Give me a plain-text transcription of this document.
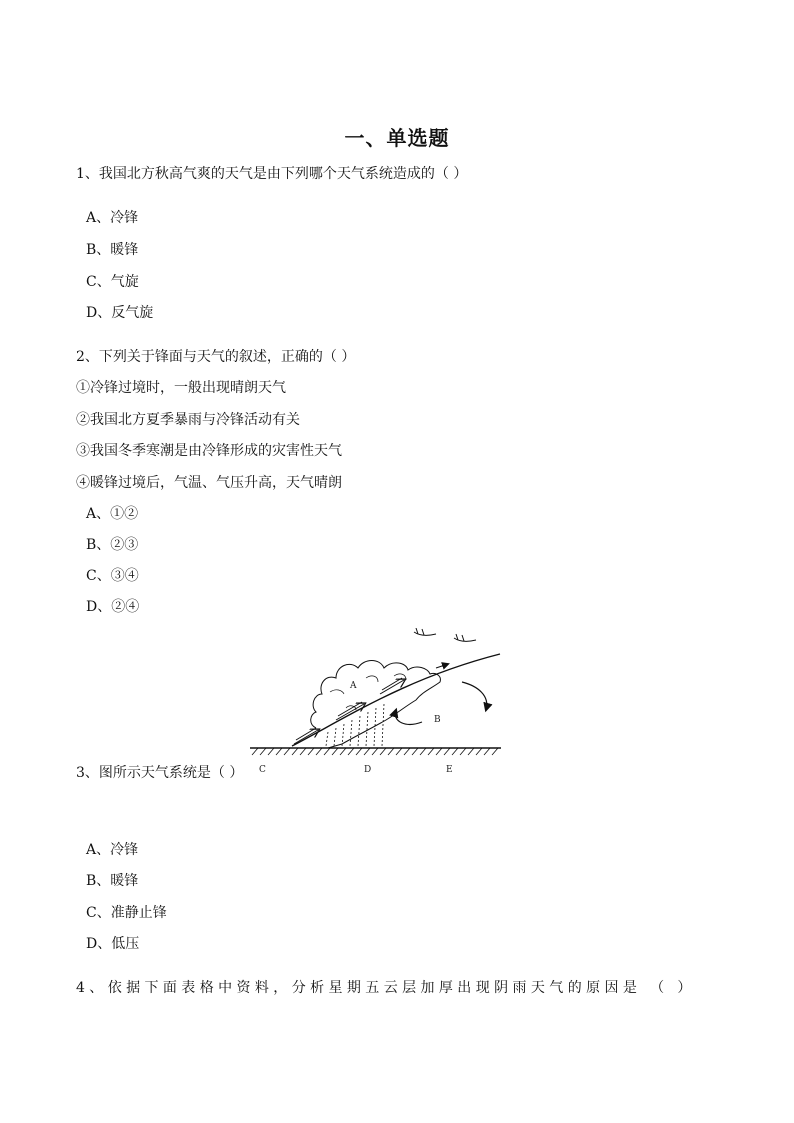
一、单选题
1、我国北方秋高气爽的天气是由下列哪个天气系统造成的（ ）
A、冷锋
B、暖锋
C、气旋
D、反气旋
2、下列关于锋面与天气的叙述，正确的（ ）
①冷锋过境时，一般出现晴朗天气
②我国北方夏季暴雨与冷锋活动有关
③我国冬季寒潮是由冷锋形成的灾害性天气
④暖锋过境后，气温、气压升高，天气晴朗
A、①②
B、②③
C、③④
D、②④
A
B
C	D	E
3、图所示天气系统是（ ）
A、冷锋
B、暖锋
C、准静止锋
D、低压
4、依据下面表格中资料，分析星期五云层加厚出现阴雨天气的原因是 （ ）
